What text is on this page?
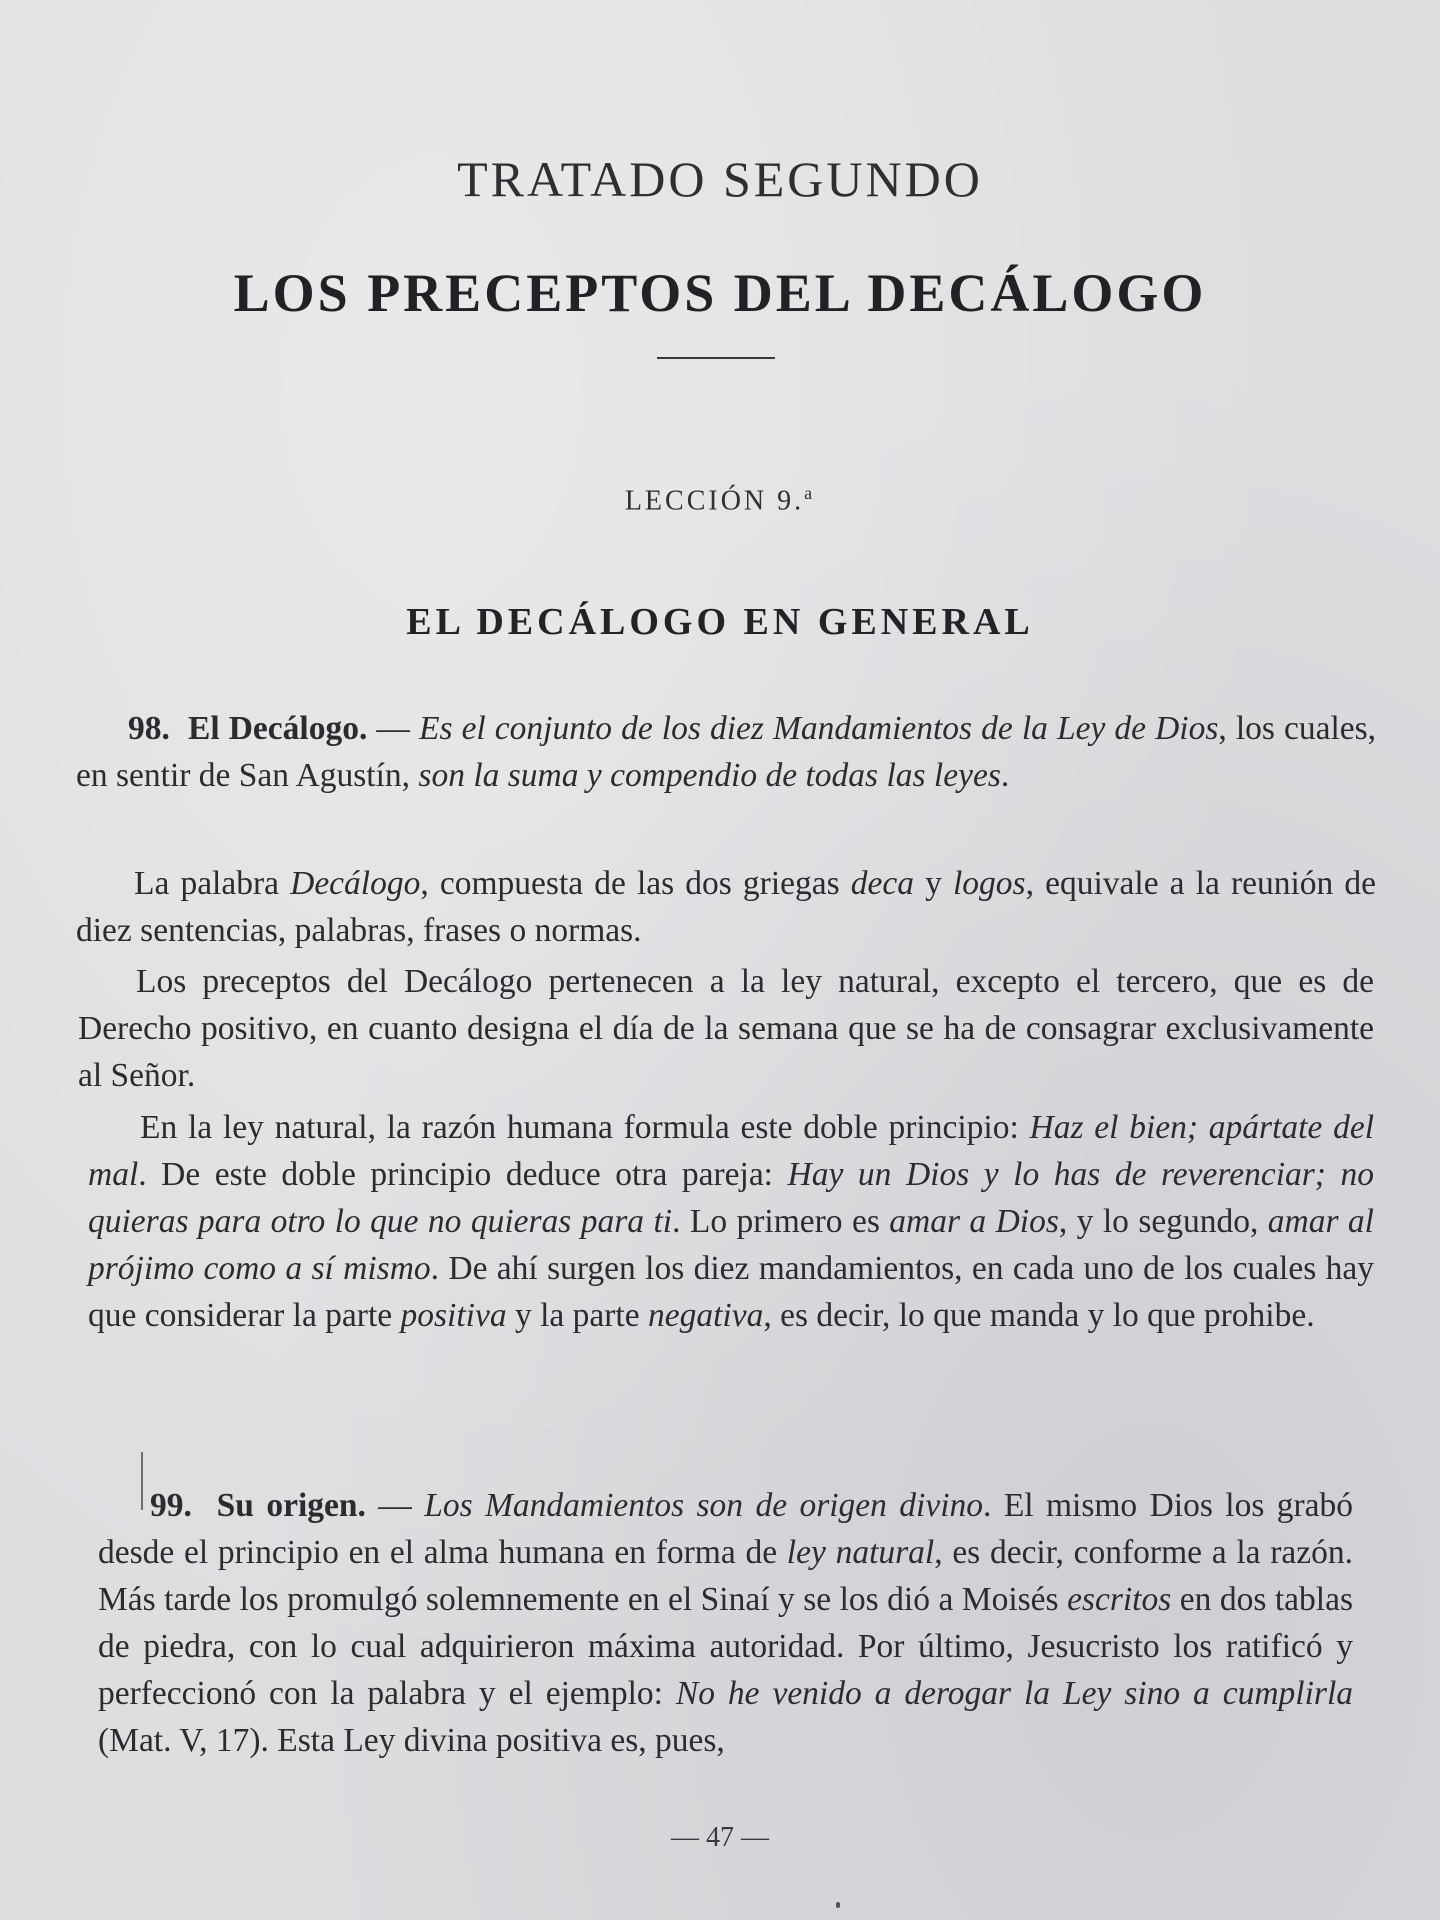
TRATADO SEGUNDO
LOS PRECEPTOS DEL DECÁLOGO
LECCIÓN 9.$^a$
EL DECÁLOGO EN GENERAL
98. El Decálogo. — Es el conjunto de los diez Mandamientos de la Ley de Dios, los cuales, en sentir de San Agustín, son la suma y compendio de todas las leyes.
La palabra Decálogo, compuesta de las dos griegas deca y logos, equivale a la reunión de diez sentencias, palabras, frases o normas.
Los preceptos del Decálogo pertenecen a la ley natural, excepto el tercero, que es de Derecho positivo, en cuanto designa el día de la semana que se ha de consagrar exclusivamente al Señor.
En la ley natural, la razón humana formula este doble principio: Haz el bien; apártate del mal. De este doble principio deduce otra pareja: Hay un Dios y lo has de reverenciar; no quieras para otro lo que no quieras para ti. Lo primero es amar a Dios, y lo segundo, amar al prójimo como a sí mismo. De ahí surgen los diez mandamientos, en cada uno de los cuales hay que considerar la parte positiva y la parte negativa, es decir, lo que manda y lo que prohibe.
99. Su origen. — Los Mandamientos son de origen divino. El mismo Dios los grabó desde el principio en el alma humana en forma de ley natural, es decir, conforme a la razón. Más tarde los promulgó solemnemente en el Sinaí y se los dió a Moisés escritos en dos tablas de piedra, con lo cual adquirieron máxima autoridad. Por último, Jesucristo los ratificó y perfeccionó con la palabra y el ejemplo: No he venido a derogar la Ley sino a cumplirla (Mat. V, 17). Esta Ley divina positiva es, pues,
— 47 —
